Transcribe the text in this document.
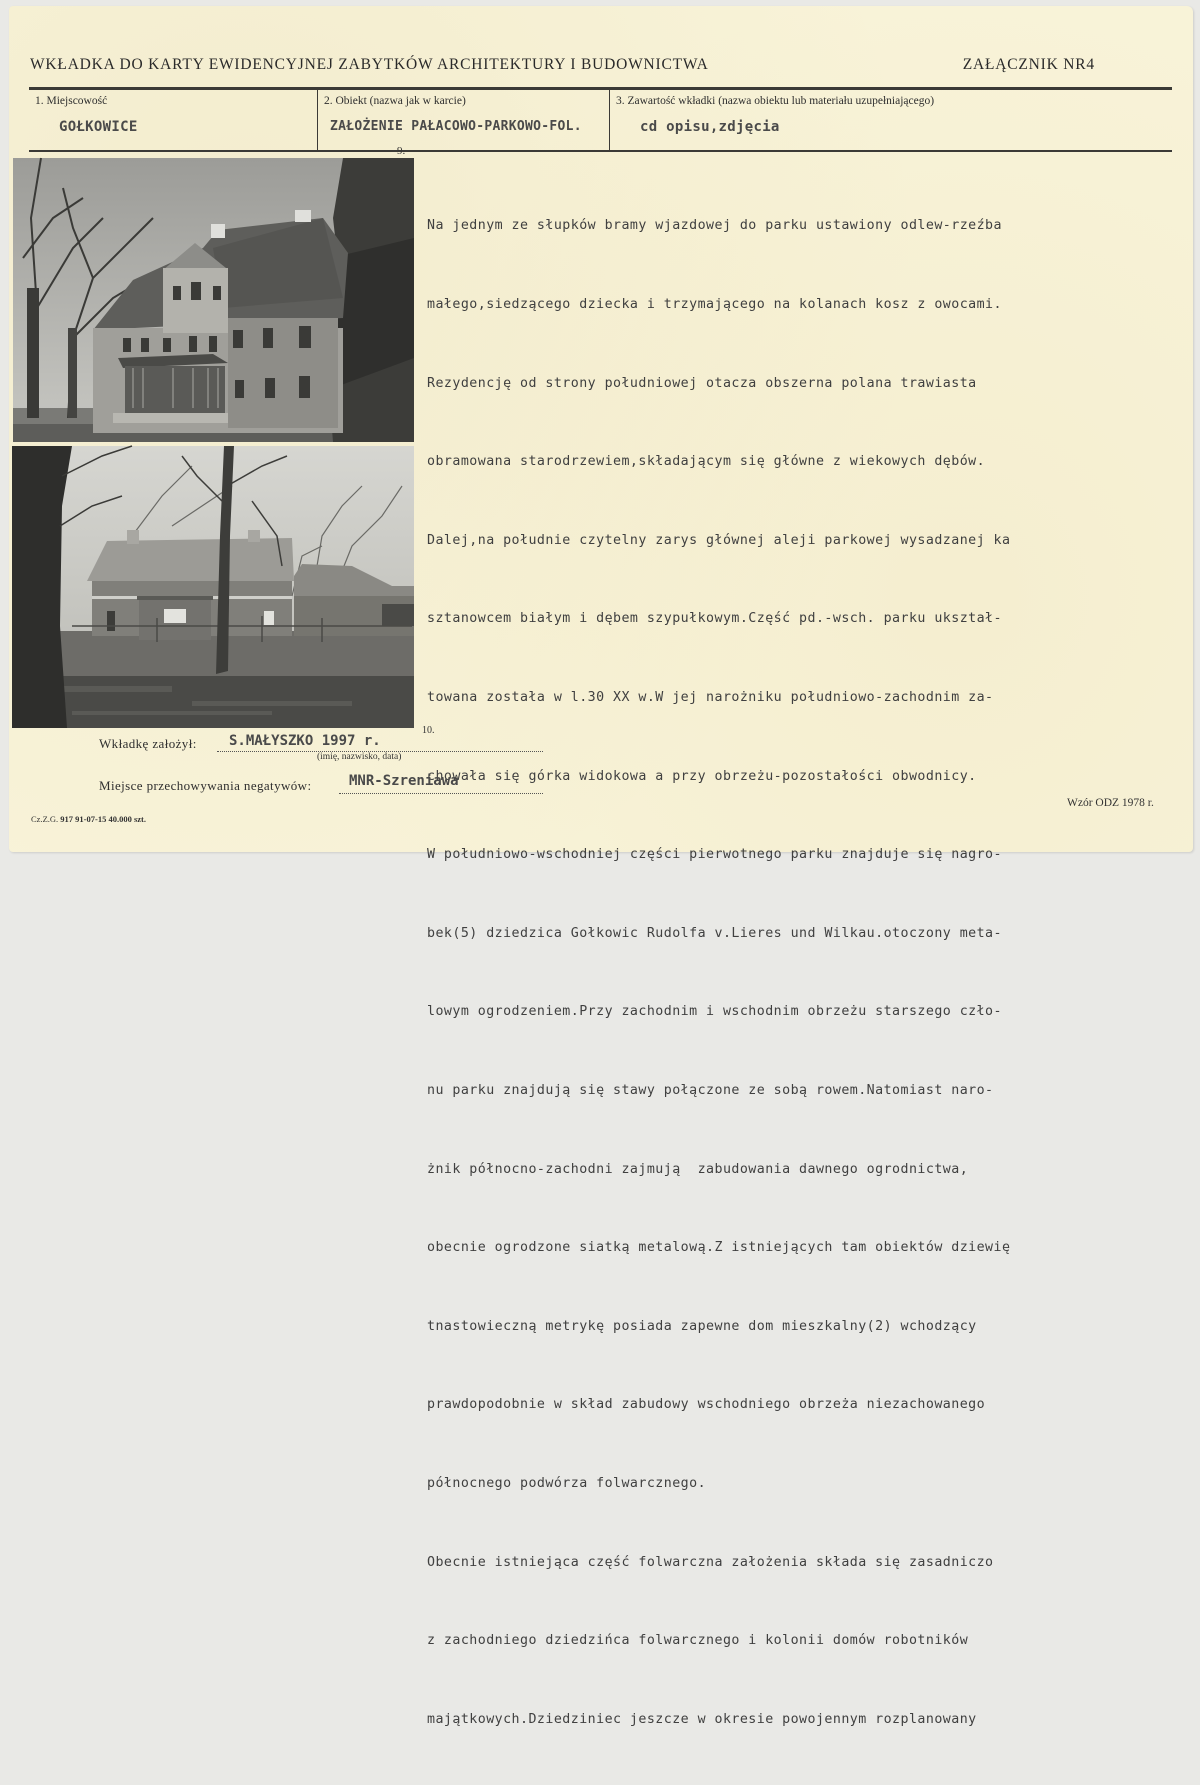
WKŁADKA DO KARTY EWIDENCYJNEJ ZABYTKÓW ARCHITEKTURY I BUDOWNICTWA	ZAŁĄCZNIK NR4
1. Miejscowość
GOŁKOWICE
2. Obiekt (nazwa jak w karcie)
ZAŁOŻENIE PAŁACOWO-PARKOWO-FOL.
3. Zawartość wkładki (nazwa obiektu lub materiału uzupełniającego)
cd opisu,zdjęcia
9.
10.

Na jednym ze słupków bramy wjazdowej do parku ustawiony odlew-rzeźba

małego,siedzącego dziecka i trzymającego na kolanach kosz z owocami.

Rezydencję od strony południowej otacza obszerna polana trawiasta

obramowana starodrzewiem,składającym się główne z wiekowych dębów.

Dalej,na południe czytelny zarys głównej aleji parkowej wysadzanej ka

sztanowcem białym i dębem szypułkowym.Część pd.-wsch. parku ukształ-

towana została w l.30 XX w.W jej narożniku południowo-zachodnim za-

chowała się górka widokowa a przy obrzeżu-pozostałości obwodnicy.

W południowo-wschodniej części pierwotnego parku znajduje się nagro-

bek(5) dziedzica Gołkowic Rudolfa v.Lieres und Wilkau.otoczony meta-

lowym ogrodzeniem.Przy zachodnim i wschodnim obrzeżu starszego czło-

nu parku znajdują się stawy połączone ze sobą rowem.Natomiast naro-

żnik północno-zachodni zajmują  zabudowania dawnego ogrodnictwa,

obecnie ogrodzone siatką metalową.Z istniejących tam obiektów dziewię

tnastowieczną metrykę posiada zapewne dom mieszkalny(2) wchodzący

prawdopodobnie w skład zabudowy wschodniego obrzeża niezachowanego

północnego podwórza folwarcznego.

Obecnie istniejąca część folwarczna założenia składa się zasadniczo

z zachodniego dziedzińca folwarcznego i kolonii domów robotników

majątkowych.Dziedziniec jeszcze w okresie powojennym rozplanowany

Wkładkę założył: S.MAŁYSZKO 1997 r.
(imię, nazwisko, data)
Miejsce przechowywania negatywów:	MNR-Szreniawa
Cz.Z.G. 917 91-07-15 40.000 szt.
Wzór ODZ 1978 r.
